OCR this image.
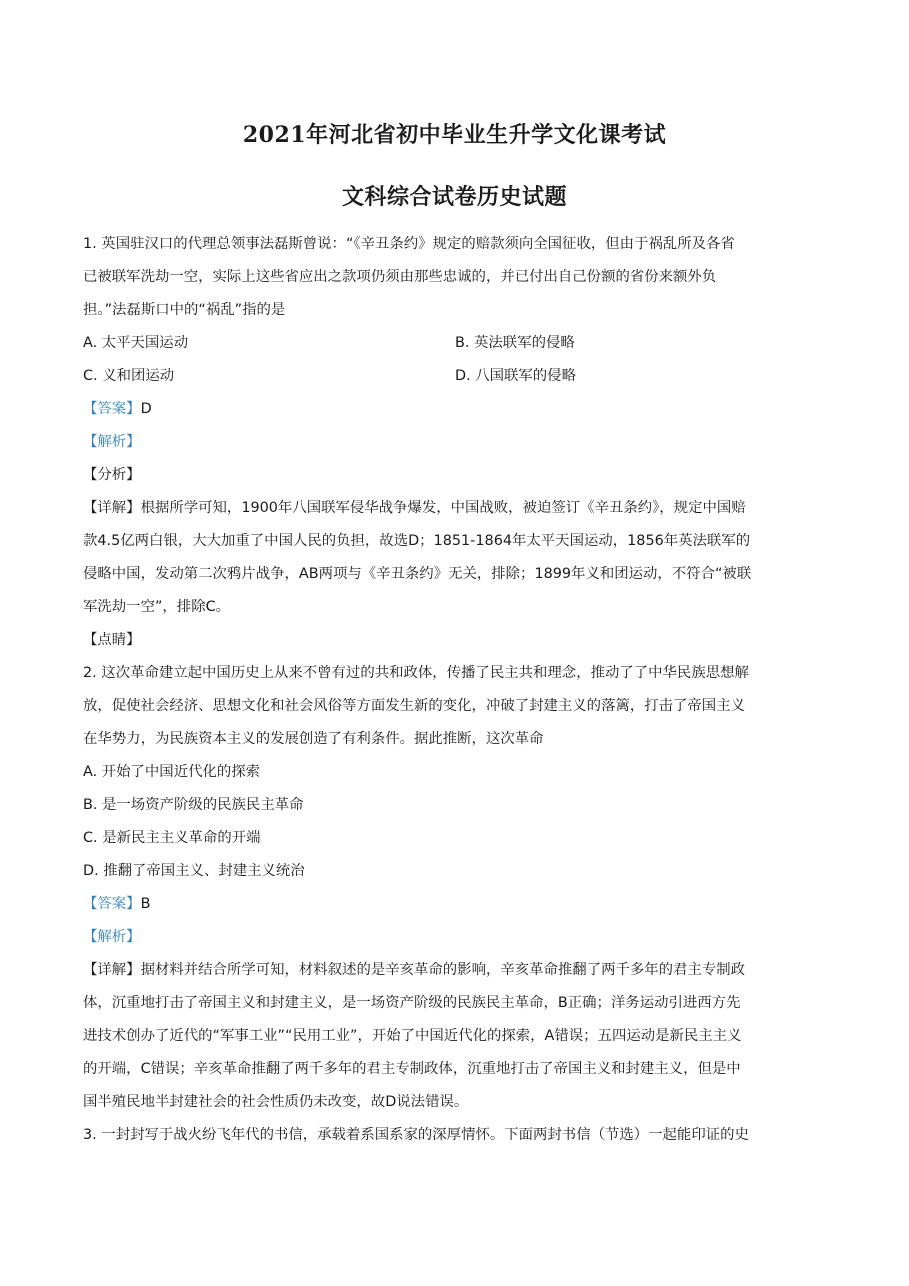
2021年河北省初中毕业生升学文化课考试
文科综合试卷历史试题
1. 英国驻汉口的代理总领事法磊斯曾说：“《辛丑条约》规定的赔款须向全国征收，但由于祸乱所及各省
已被联军洗劫一空，实际上这些省应出之款项仍须由那些忠诚的，并已付出自己份额的省份来额外负
担。”法磊斯口中的“祸乱”指的是
A. 太平天国运动	B. 英法联军的侵略
C. 义和团运动	D. 八国联军的侵略
【答案】D
【解析】
【分析】
【详解】根据所学可知，1900年八国联军侵华战争爆发，中国战败，被迫签订《辛丑条约》，规定中国赔
款4.5亿两白银，大大加重了中国人民的负担，故选D；1851-1864年太平天国运动，1856年英法联军的
侵略中国，发动第二次鸦片战争，AB两项与《辛丑条约》无关，排除；1899年义和团运动，不符合“被联
军洗劫一空”，排除C。
【点睛】
2. 这次革命建立起中国历史上从来不曾有过的共和政体，传播了民主共和理念，推动了了中华民族思想解
放，促使社会经济、思想文化和社会风俗等方面发生新的变化，冲破了封建主义的落篱，打击了帝国主义
在华势力，为民族资本主义的发展创造了有利条件。据此推断，这次革命
A. 开始了中国近代化的探索
B. 是一场资产阶级的民族民主革命
C. 是新民主主义革命的开端
D. 推翻了帝国主义、封建主义统治
【答案】B
【解析】
【详解】据材料并结合所学可知，材料叙述的是辛亥革命的影响，辛亥革命推翻了两千多年的君主专制政
体，沉重地打击了帝国主义和封建主义，是一场资产阶级的民族民主革命，B正确；洋务运动引进西方先
进技术创办了近代的“军事工业”“民用工业”，开始了中国近代化的探索，A错误；五四运动是新民主主义
的开端，C错误；辛亥革命推翻了两千多年的君主专制政体，沉重地打击了帝国主义和封建主义，但是中
国半殖民地半封建社会的社会性质仍未改变，故D说法错误。
3. 一封封写于战火纷飞年代的书信，承载着系国系家的深厚情怀。下面两封书信（节选）一起能印证的史
